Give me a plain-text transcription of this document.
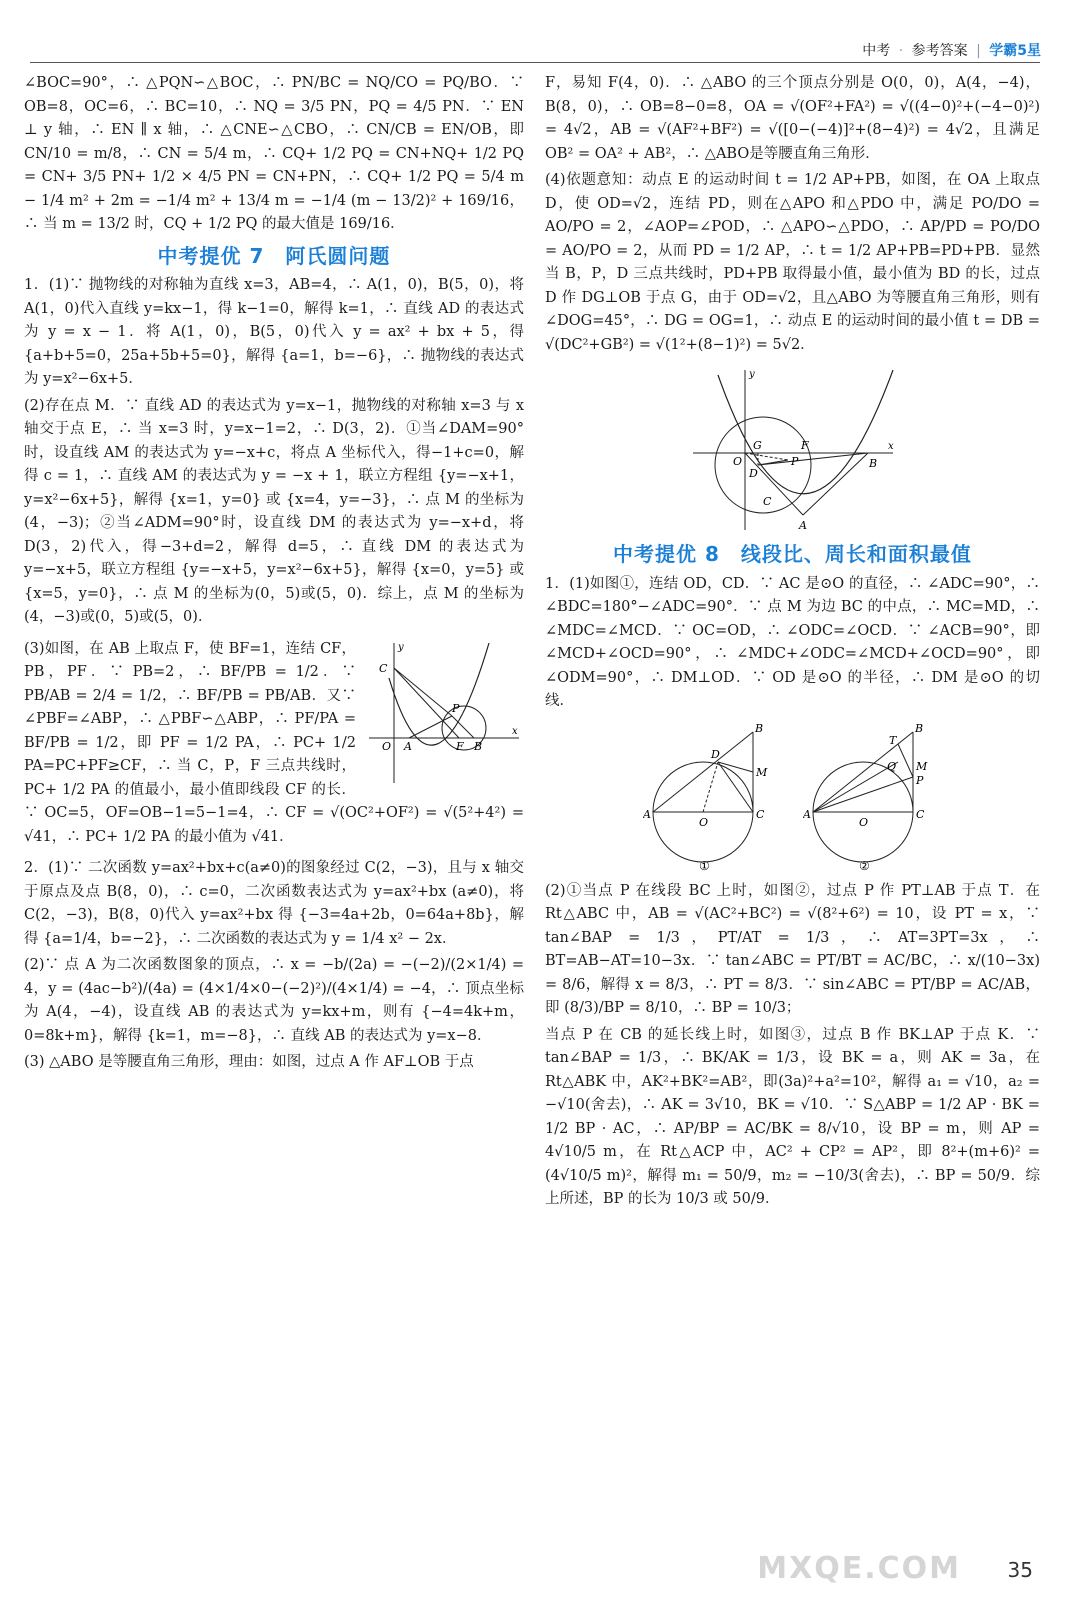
中考 · 参考答案 | 学霸5星

∠BOC=90°，∴ △PQN∽△BOC，∴ PN/BC = NQ/CO = PQ/BO．∵ OB=8，OC=6，∴ BC=10，∴ NQ = 3/5 PN，PQ = 4/5 PN．∵ EN ⊥ y 轴，∴ EN ∥ x 轴，∴ △CNE∽△CBO，∴ CN/CB = EN/OB，即 CN/10 = m/8，∴ CN = 5/4 m，∴ CQ+ 1/2 PQ = CN+NQ+ 1/2 PQ = CN+ 3/5 PN+ 1/2 × 4/5 PN = CN+PN，∴ CQ+ 1/2 PQ = 5/4 m − 1/4 m² + 2m = −1/4 m² + 13/4 m = −1/4 (m − 13/2)² + 169/16，∴ 当 m = 13/2 时，CQ + 1/2 PQ 的最大值是 169/16．

中考提优 7　阿氏圆问题

1．(1)∵ 抛物线的对称轴为直线 x=3，AB=4，∴ A(1，0)，B(5，0)，将 A(1，0)代入直线 y=kx−1，得 k−1=0，解得 k=1，∴ 直线 AD 的表达式为 y = x − 1．将 A(1，0)，B(5，0)代入 y = ax² + bx + 5，得 {a+b+5=0，25a+5b+5=0}，解得 {a=1，b=−6}，∴ 抛物线的表达式为 y=x²−6x+5．

(2)存在点 M．∵ 直线 AD 的表达式为 y=x−1，抛物线的对称轴 x=3 与 x 轴交于点 E，∴ 当 x=3 时，y=x−1=2，∴ D(3，2)．①当∠DAM=90°时，设直线 AM 的表达式为 y=−x+c，将点 A 坐标代入，得−1+c=0，解得 c = 1，∴ 直线 AM 的表达式为 y = −x + 1，联立方程组 {y=−x+1，y=x²−6x+5}，解得 {x=1，y=0} 或 {x=4，y=−3}，∴ 点 M 的坐标为(4，−3)；②当∠ADM=90°时，设直线 DM 的表达式为 y=−x+d，将 D(3，2)代入，得−3+d=2，解得 d=5，∴ 直线 DM 的表达式为 y=−x+5，联立方程组 {y=−x+5，y=x²−6x+5}，解得 {x=0，y=5} 或 {x=5，y=0}，∴ 点 M 的坐标为(0，5)或(5，0)．综上，点 M 的坐标为(4，−3)或(0，5)或(5，0)．

x
y
C
P
O A	F B

(3)如图，在 AB 上取点 F，使 BF=1，连结 CF，PB，PF．∵ PB=2，∴ BF/PB = 1/2．∵ PB/AB = 2/4 = 1/2，∴ BF/PB = PB/AB．又∵ ∠PBF=∠ABP，∴ △PBF∽△ABP，∴ PF/PA = BF/PB = 1/2，即 PF = 1/2 PA，∴ PC+ 1/2 PA=PC+PF≥CF，∴ 当 C，P，F 三点共线时，PC+ 1/2 PA 的值最小，最小值即线段 CF 的长．∵ OC=5，OF=OB−1=5−1=4，∴ CF = √(OC²+OF²) = √(5²+4²) = √41，∴ PC+ 1/2 PA 的最小值为 √41．

2．(1)∵ 二次函数 y=ax²+bx+c(a≠0)的图象经过 C(2，−3)，且与 x 轴交于原点及点 B(8，0)，∴ c=0，二次函数表达式为 y=ax²+bx (a≠0)，将 C(2，−3)，B(8，0)代入 y=ax²+bx 得 {−3=4a+2b，0=64a+8b}，解得 {a=1/4，b=−2}，∴ 二次函数的表达式为 y = 1/4 x² − 2x．

(2)∵ 点 A 为二次函数图象的顶点，∴ x = −b/(2a) = −(−2)/(2×1/4) = 4，y = (4ac−b²)/(4a) = (4×1/4×0−(−2)²)/(4×1/4) = −4，∴ 顶点坐标为 A(4，−4)，设直线 AB 的表达式为 y=kx+m，则有 {−4=4k+m，0=8k+m}，解得 {k=1，m=−8}，∴ 直线 AB 的表达式为 y=x−8．

(3) △ABO 是等腰直角三角形，理由：如图，过点 A 作 AF⊥OB 于点

F，易知 F(4，0)．∴ △ABO 的三个顶点分别是 O(0，0)，A(4，−4)，B(8，0)，∴ OB=8−0=8，OA = √(OF²+FA²) = √((4−0)²+(−4−0)²) = 4√2，AB = √(AF²+BF²) = √([0−(−4)]²+(8−4)²) = 4√2，且满足 OB² = OA² + AB²，∴ △ABO是等腰直角三角形．

(4)依题意知：动点 E 的运动时间 t = 1/2 AP+PB，如图，在 OA 上取点 D，使 OD=√2，连结 PD，则在△APO 和△PDO 中，满足 PO/DO = AO/PO = 2，∠AOP=∠POD，∴ △APO∽△PDO，∴ AP/PD = PO/DO = AO/PO = 2，从而 PD = 1/2 AP，∴ t = 1/2 AP+PB=PD+PB．显然当 B，P，D 三点共线时，PD+PB 取得最小值，最小值为 BD 的长，过点 D 作 DG⊥OB 于点 G，由于 OD=√2，且△ABO 为等腰直角三角形，则有∠DOG=45°，∴ DG = OG=1，∴ 动点 E 的运动时间的最小值 t = DB = √(DC²+GB²) = √(1²+(8−1)²) = 5√2．

x
y
O
G	F
D
P	B
C
A
中考提优 8　线段比、周长和面积最值

1．(1)如图①，连结 OD，CD．∵ AC 是⊙O 的直径，∴ ∠ADC=90°，∴ ∠BDC=180°−∠ADC=90°．∵ 点 M 为边 BC 的中点，∴ MC=MD，∴ ∠MDC=∠MCD．∵ OC=OD，∴ ∠ODC=∠OCD．∵ ∠ACB=90°，即∠MCD+∠OCD=90°，∴ ∠MDC+∠ODC=∠MCD+∠OCD=90°，即∠ODM=90°，∴ DM⊥OD．∵ OD 是⊙O 的半径，∴ DM 是⊙O 的切线．

A
B
C
D
M
O
①
A
B
C
T
Q M
P
O
②

(2)①当点 P 在线段 BC 上时，如图②，过点 P 作 PT⊥AB 于点 T．在 Rt△ABC 中，AB = √(AC²+BC²) = √(8²+6²) = 10，设 PT = x，∵ tan∠BAP = 1/3，PT/AT = 1/3，∴ AT=3PT=3x，∴ BT=AB−AT=10−3x．∵ tan∠ABC = PT/BT = AC/BC，∴ x/(10−3x) = 8/6，解得 x = 8/3，∴ PT = 8/3．∵ sin∠ABC = PT/BP = AC/AB，即 (8/3)/BP = 8/10，∴ BP = 10/3；

当点 P 在 CB 的延长线上时，如图③，过点 B 作 BK⊥AP 于点 K．∵ tan∠BAP = 1/3，∴ BK/AK = 1/3，设 BK = a，则 AK = 3a，在 Rt△ABK 中，AK²+BK²=AB²，即(3a)²+a²=10²，解得 a₁ = √10，a₂ = −√10(舍去)，∴ AK = 3√10，BK = √10．∵ S△ABP = 1/2 AP · BK = 1/2 BP · AC，∴ AP/BP = AC/BK = 8/√10，设 BP = m，则 AP = 4√10/5 m，在 Rt△ACP 中，AC² + CP² = AP²，即 8²+(m+6)² = (4√10/5 m)²，解得 m₁ = 50/9，m₂ = −10/3(舍去)，∴ BP = 50/9．综上所述，BP 的长为 10/3 或 50/9．

MXQE.COM 35
